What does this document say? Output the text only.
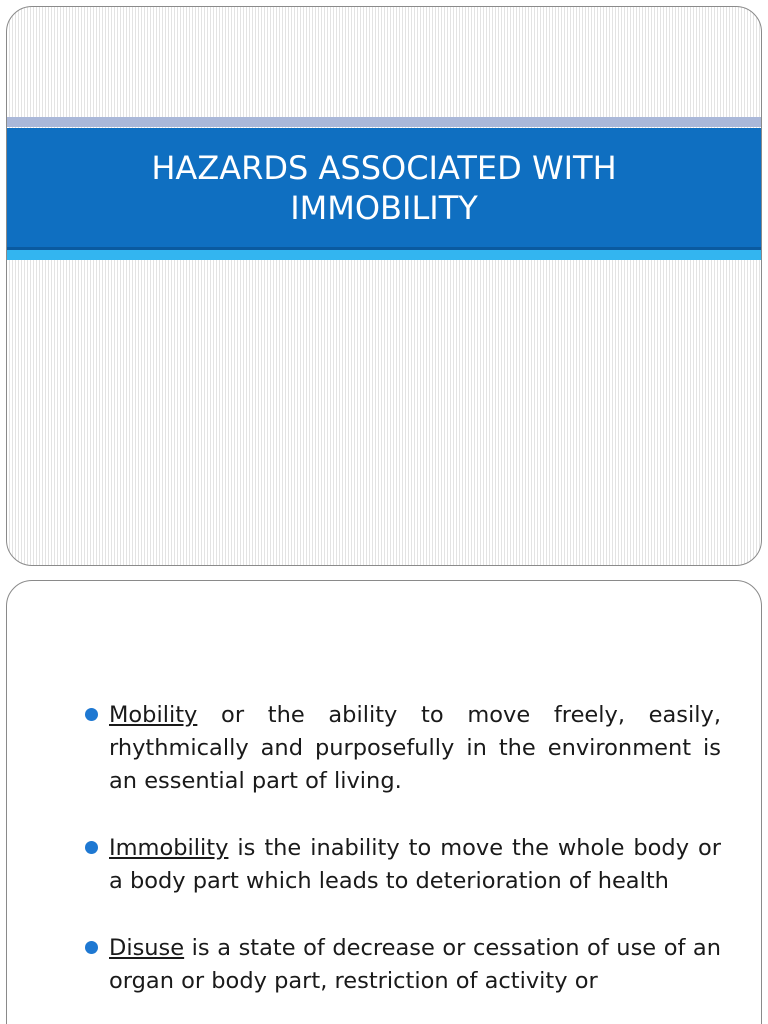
HAZARDS ASSOCIATED WITH
IMMOBILITY
Mobility or the ability to move freely, easily, rhythmically and purposefully in the environment is an essential part of living.
Immobility is the inability to move the whole body or a body part which leads to deterioration of health
Disuse is a state of decrease or cessation of use of an organ or body part, restriction of activity or
